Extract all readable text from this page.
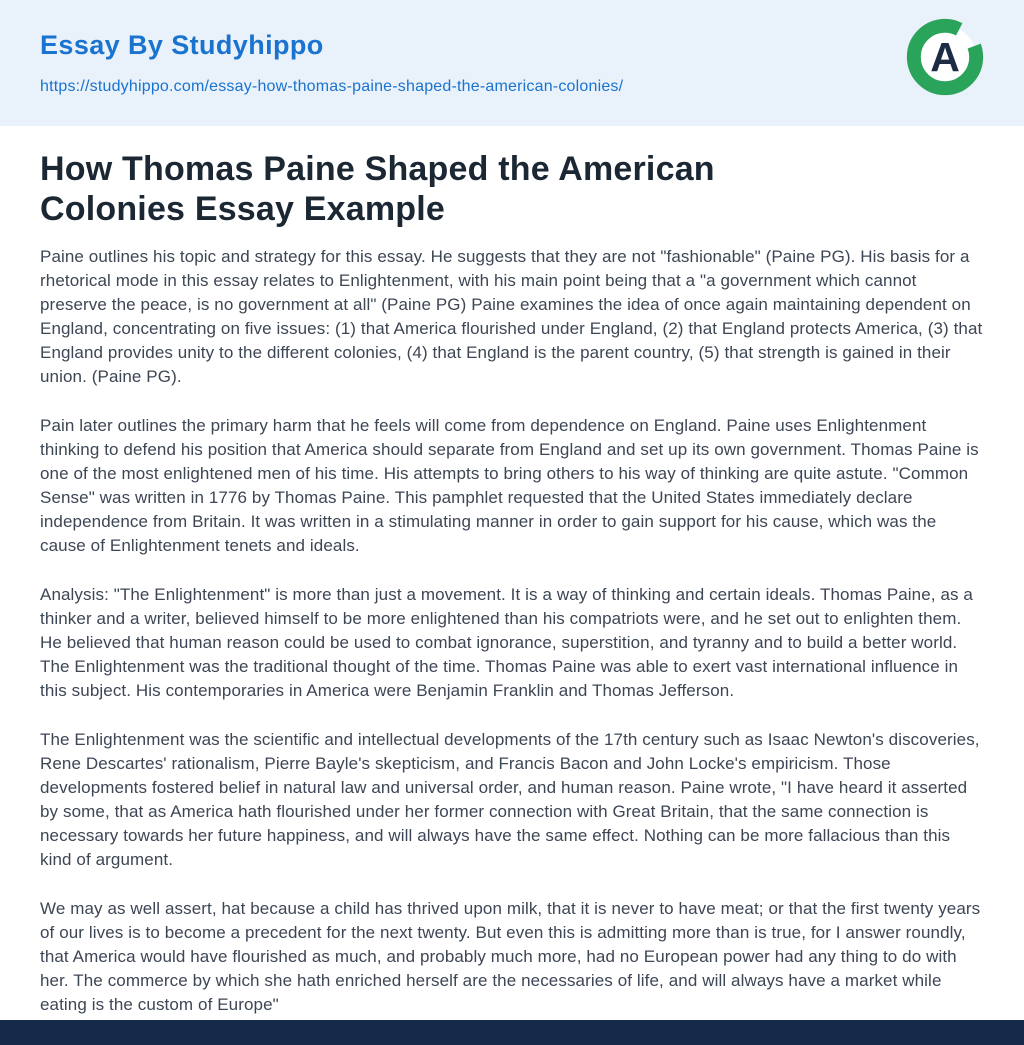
Essay By Studyhippo
https://studyhippo.com/essay-how-thomas-paine-shaped-the-american-colonies/
A
How Thomas Paine Shaped the American
Colonies Essay Example

Paine outlines his topic and strategy for this essay. He suggests that they are not "fashionable" (Paine PG). His basis for a rhetorical mode in this essay relates to Enlightenment, with his main point being that a "a government which cannot preserve the peace, is no government at all" (Paine PG) Paine examines the idea of once again maintaining dependent on England, concentrating on five issues: (1) that America flourished under England, (2) that England protects America, (3) that England provides unity to the different colonies, (4) that England is the parent country, (5) that strength is gained in their union. (Paine PG).

Pain later outlines the primary harm that he feels will come from dependence on England. Paine uses Enlightenment thinking to defend his position that America should separate from England and set up its own government. Thomas Paine is one of the most enlightened men of his time. His attempts to bring others to his way of thinking are quite astute. "Common Sense" was written in 1776 by Thomas Paine. This pamphlet requested that the United States immediately declare independence from Britain. It was written in a stimulating manner in order to gain support for his cause, which was the cause of Enlightenment tenets and ideals.

Analysis: "The Enlightenment" is more than just a movement. It is a way of thinking and certain ideals. Thomas Paine, as a thinker and a writer, believed himself to be more enlightened than his compatriots were, and he set out to enlighten them. He believed that human reason could be used to combat ignorance, superstition, and tyranny and to build a better world. The Enlightenment was the traditional thought of the time. Thomas Paine was able to exert vast international influence in this subject. His contemporaries in America were Benjamin Franklin and Thomas Jefferson.

The Enlightenment was the scientific and intellectual developments of the 17th century such as Isaac Newton's discoveries, Rene Descartes' rationalism, Pierre Bayle's skepticism, and Francis Bacon and John Locke's empiricism. Those developments fostered belief in natural law and universal order, and human reason. Paine wrote, "I have heard it asserted by some, that as America hath flourished under her former connection with Great Britain, that the same connection is necessary towards her future happiness, and will always have the same effect. Nothing can be more fallacious than this kind of argument.

We may as well assert, hat because a child has thrived upon milk, that it is never to have meat; or that the first twenty years of our lives is to become a precedent for the next twenty. But even this is admitting more than is true, for I answer roundly, that America would have flourished as much, and probably much more, had no European power had any thing to do with her. The commerce by which she hath enriched herself are the necessaries of life, and will always have a market while eating is the custom of Europe"
